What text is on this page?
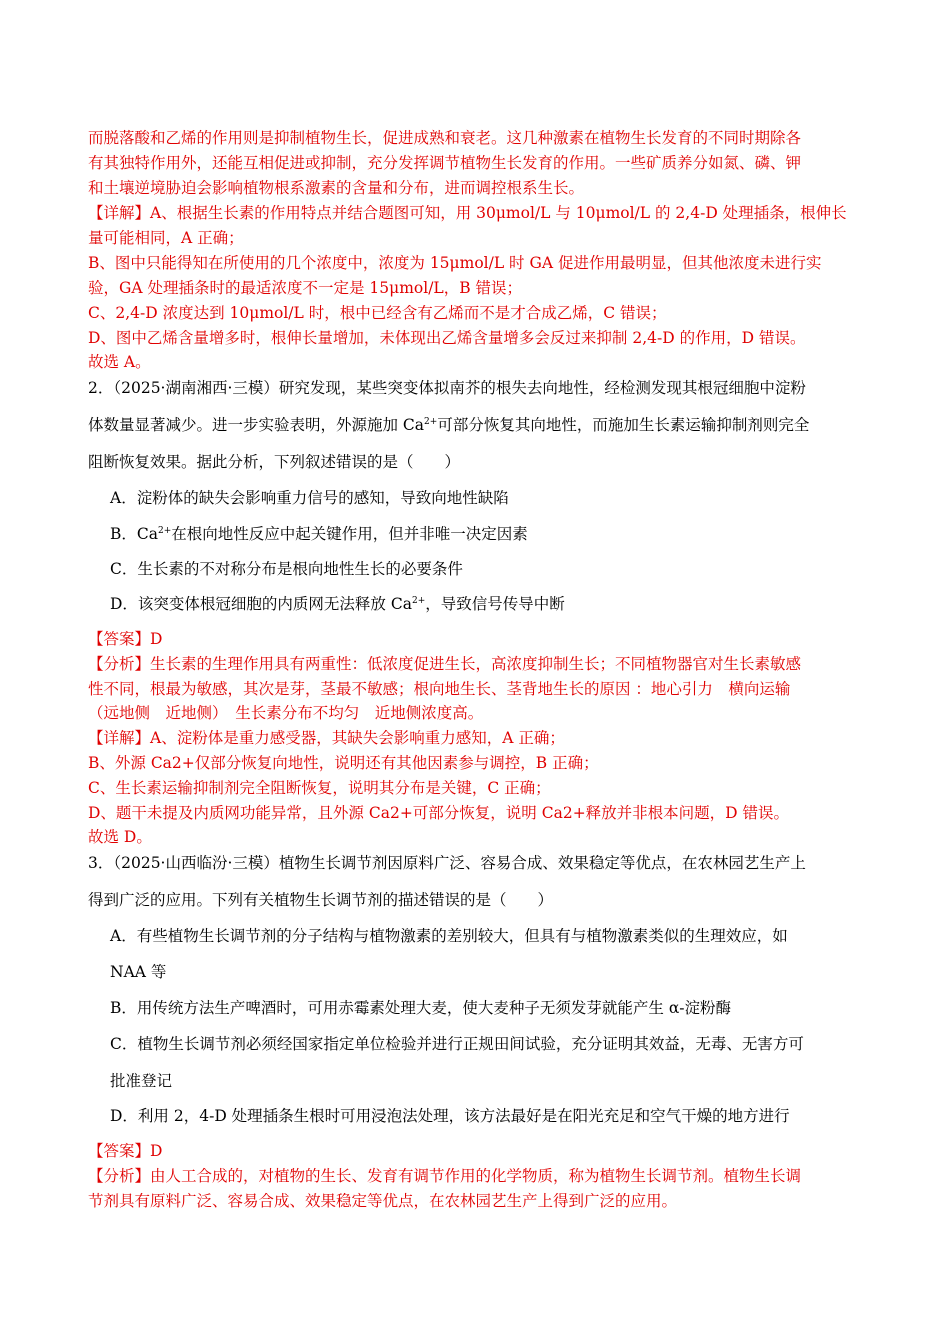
而脱落酸和乙烯的作用则是抑制植物生长，促进成熟和衰老。这几种激素在植物生长发育的不同时期除各
有其独特作用外，还能互相促进或抑制，充分发挥调节植物生长发育的作用。一些矿质养分如氮、磷、钾
和土壤逆境胁迫会影响植物根系激素的含量和分布，进而调控根系生长。
【详解】A、根据生长素的作用特点并结合题图可知，用 30μmol/L 与 10μmol/L 的 2,4-D 处理插条，根伸长
量可能相同，A 正确；
B、图中只能得知在所使用的几个浓度中，浓度为 15μmol/L 时 GA 促进作用最明显，但其他浓度未进行实
验，GA 处理插条时的最适浓度不一定是 15μmol/L，B 错误；
C、2,4-D 浓度达到 10μmol/L 时，根中已经含有乙烯而不是才合成乙烯，C 错误；
D、图中乙烯含量增多时，根伸长量增加，未体现出乙烯含量增多会反过来抑制 2,4-D 的作用，D 错误。
故选 A。
2．（2025·湖南湘西·三模）研究发现，某些突变体拟南芥的根失去向地性，经检测发现其根冠细胞中淀粉
体数量显著减少。进一步实验表明，外源施加 $Ca^{2+}$可部分恢复其向地性，而施加生长素运输抑制剂则完全
阻断恢复效果。据此分析，下列叙述错误的是（　　）
A．淀粉体的缺失会影响重力信号的感知，导致向地性缺陷
B．$Ca^{2+}$在根向地性反应中起关键作用，但并非唯一决定因素
C．生长素的不对称分布是根向地性生长的必要条件
D．该突变体根冠细胞的内质网无法释放 $Ca^{2+}$，导致信号传导中断
【答案】D
【分析】生长素的生理作用具有两重性：低浓度促进生长，高浓度抑制生长；不同植物器官对生长素敏感
性不同，根最为敏感，其次是芽，茎最不敏感；根向地生长、茎背地生长的原因 ：地心引力　横向运输
（远地侧　近地侧）　生长素分布不均匀　近地侧浓度高。
【详解】A、淀粉体是重力感受器，其缺失会影响重力感知，A 正确；
B、外源 Ca2+仅部分恢复向地性，说明还有其他因素参与调控，B 正确；
C、生长素运输抑制剂完全阻断恢复，说明其分布是关键，C 正确；
D、题干未提及内质网功能异常，且外源 Ca2+可部分恢复，说明 Ca2+释放并非根本问题，D 错误。
故选 D。
3．（2025·山西临汾·三模）植物生长调节剂因原料广泛、容易合成、效果稳定等优点，在农林园艺生产上
得到广泛的应用。下列有关植物生长调节剂的描述错误的是（　　）
A．有些植物生长调节剂的分子结构与植物激素的差别较大，但具有与植物激素类似的生理效应，如
NAA 等
B．用传统方法生产啤酒时，可用赤霉素处理大麦，使大麦种子无须发芽就能产生 α-淀粉酶
C．植物生长调节剂必须经国家指定单位检验并进行正规田间试验，充分证明其效益，无毒、无害方可
批准登记
D．利用 2，4-D 处理插条生根时可用浸泡法处理，该方法最好是在阳光充足和空气干燥的地方进行
【答案】D
【分析】由人工合成的，对植物的生长、发育有调节作用的化学物质，称为植物生长调节剂。植物生长调
节剂具有原料广泛、容易合成、效果稳定等优点，在农林园艺生产上得到广泛的应用。
